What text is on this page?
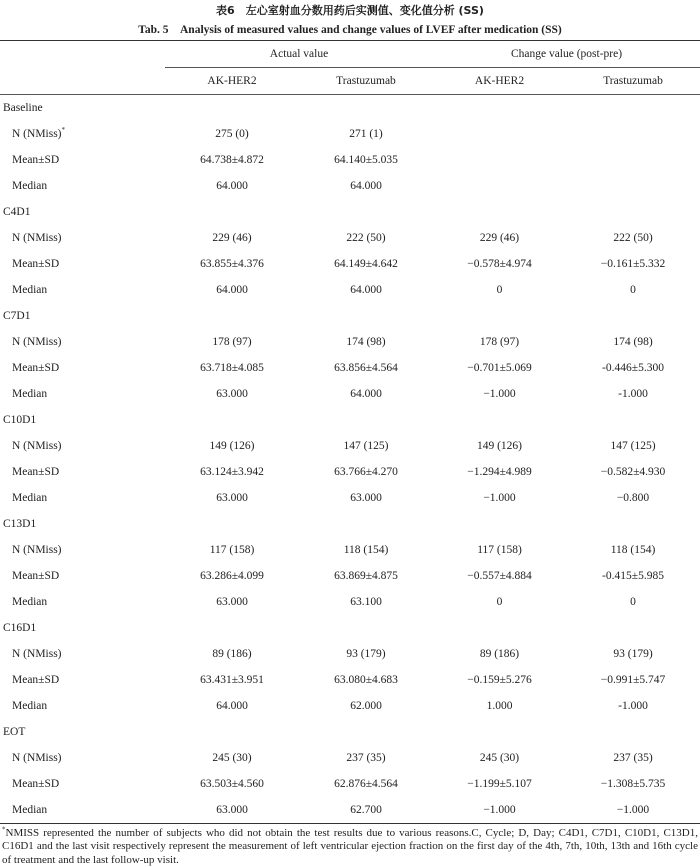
表6　左心室射血分数用药后实测值、变化值分析 (SS)
Tab. 5　Analysis of measured values and change values of LVEF after medication (SS)
	Actual value		Change value (post-pre)	
	AK-HER2	Trastuzumab	AK-HER2	Trastuzumab
Baseline				
N (NMiss)*	275 (0)	271 (1)		
Mean±SD	64.738±4.872	64.140±5.035		
Median	64.000	64.000		
C4D1				
N (NMiss)	229 (46)	222 (50)	229 (46)	222 (50)
Mean±SD	63.855±4.376	64.149±4.642	−0.578±4.974	−0.161±5.332
Median	64.000	64.000	0	0
C7D1				
N (NMiss)	178 (97)	174 (98)	178 (97)	174 (98)
Mean±SD	63.718±4.085	63.856±4.564	−0.701±5.069	-0.446±5.300
Median	63.000	64.000	−1.000	-1.000
C10D1				
N (NMiss)	149 (126)	147 (125)	149 (126)	147 (125)
Mean±SD	63.124±3.942	63.766±4.270	−1.294±4.989	−0.582±4.930
Median	63.000	63.000	−1.000	−0.800
C13D1				
N (NMiss)	117 (158)	118 (154)	117 (158)	118 (154)
Mean±SD	63.286±4.099	63.869±4.875	−0.557±4.884	-0.415±5.985
Median	63.000	63.100	0	0
C16D1				
N (NMiss)	89 (186)	93 (179)	89 (186)	93 (179)
Mean±SD	63.431±3.951	63.080±4.683	−0.159±5.276	−0.991±5.747
Median	64.000	62.000	1.000	-1.000
EOT				
N (NMiss)	245 (30)	237 (35)	245 (30)	237 (35)
Mean±SD	63.503±4.560	62.876±4.564	−1.199±5.107	−1.308±5.735
Median	63.000	62.700	−1.000	−1.000
*NMISS represented the number of subjects who did not obtain the test results due to various reasons.C, Cycle; D, Day; C4D1, C7D1, C10D1, C13D1, C16D1 and the last visit respectively represent the measurement of left ventricular ejection fraction on the first day of the 4th, 7th, 10th, 13th and 16th cycle of treatment and the last follow-up visit.
